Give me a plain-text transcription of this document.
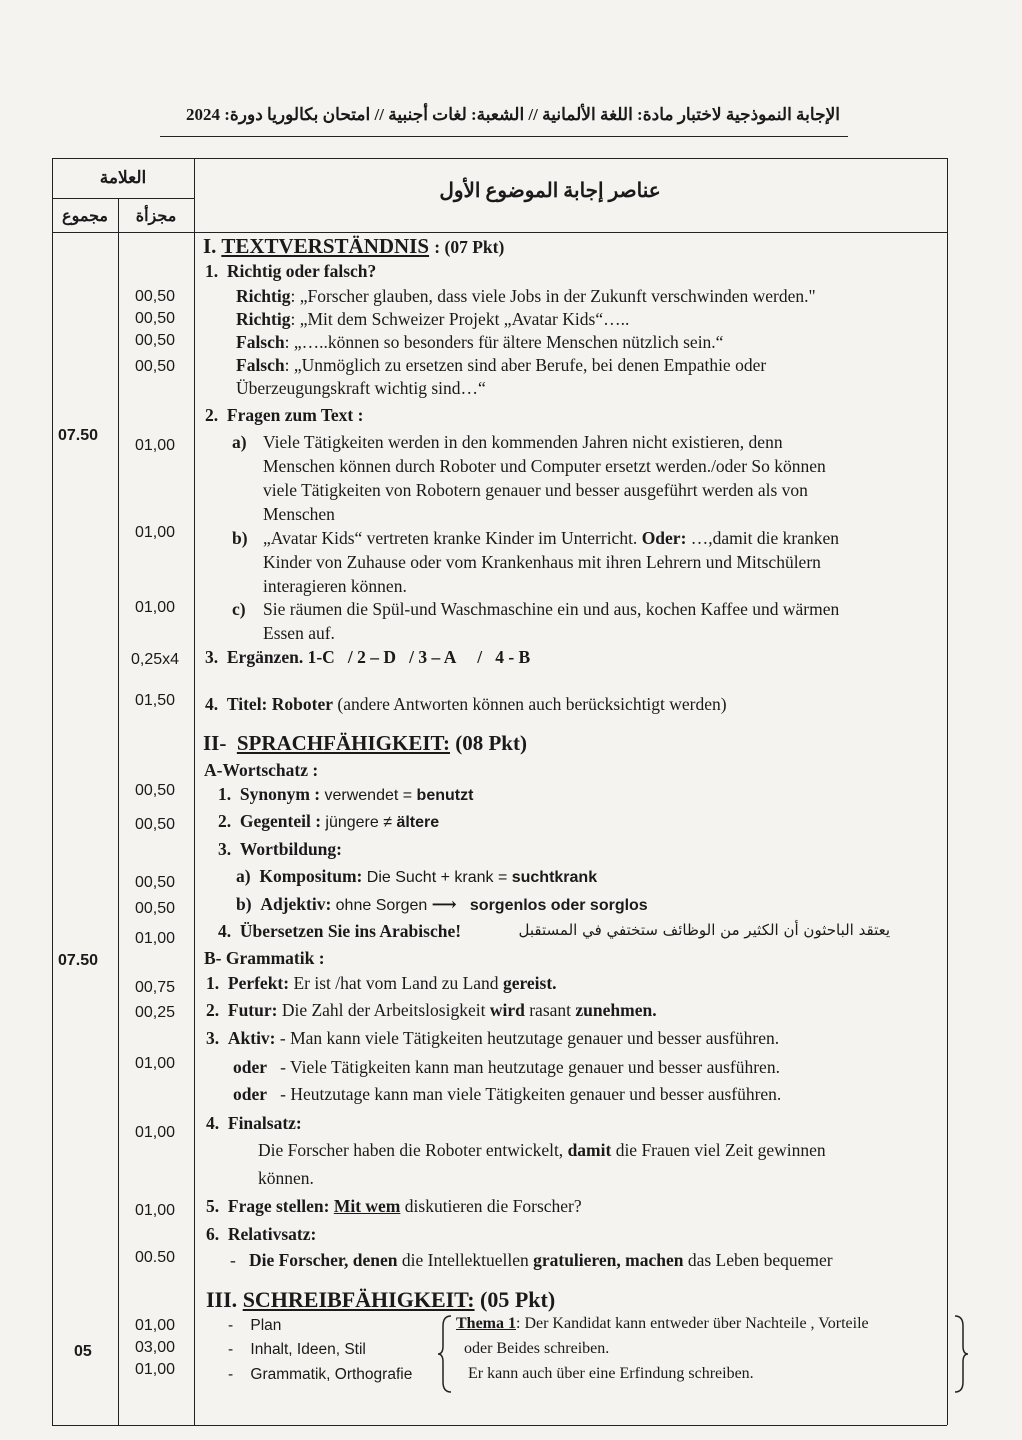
الإجابة النموذجية لاختبار مادة: اللغة الألمانية // الشعبة: لغات أجنبية // امتحان بكالوريا دورة: 2024
العلامة
مجزأة
مجموع
عناصر إجابة الموضوع الأول
07.50
07.50
05
00,50
00,50
00,50
00,50
01,00
01,00
01,00
0,25x4
01,50
00,50
00,50
00,50
00,50
01,00
00,75
00,25
01,00
01,00
01,00
00.50
01,00
03,00
01,00
I. TEXTVERSTÄNDNIS : (07 Pkt)
1. Richtig oder falsch?
Richtig: „Forscher glauben, dass viele Jobs in der Zukunft verschwinden werden."
Richtig: „Mit dem Schweizer Projekt „Avatar Kids“…..
Falsch: „…..können so besonders für ältere Menschen nützlich sein.“
Falsch: „Unmöglich zu ersetzen sind aber Berufe, bei denen Empathie oder
Überzeugungskraft wichtig sind…“
2. Fragen zum Text :
a) Viele Tätigkeiten werden in den kommenden Jahren nicht existieren, denn
Menschen können durch Roboter und Computer ersetzt werden./oder So können
viele Tätigkeiten von Robotern genauer und besser ausgeführt werden als von
Menschen
b) „Avatar Kids“ vertreten kranke Kinder im Unterricht. Oder: …,damit die kranken
Kinder von Zuhause oder vom Krankenhaus mit ihren Lehrern und Mitschülern
interagieren können.
c) Sie räumen die Spül-und Waschmaschine ein und aus, kochen Kaffee und wärmen
Essen auf.
3. Ergänzen. 1-C   / 2 – D   / 3 – A     /   4 - B
4. Titel: Roboter (andere Antworten können auch berücksichtigt werden)
II- SPRACHFÄHIGKEIT: (08 Pkt)
A-Wortschatz :
1. Synonym : verwendet = benutzt
2. Gegenteil : jüngere ≠ ältere
3. Wortbildung:
a) Kompositum: Die Sucht + krank = suchtkrank
b) Adjektiv: ohne Sorgen ⟶ sorgenlos oder sorglos
4. Übersetzen Sie ins Arabische!	يعتقد الباحثون أن الكثير من الوظائف ستختفي في المستقبل
B- Grammatik :
1. Perfekt: Er ist /hat vom Land zu Land gereist.
2. Futur: Die Zahl der Arbeitslosigkeit wird rasant zunehmen.
3. Aktiv: - Man kann viele Tätigkeiten heutzutage genauer und besser ausführen.
oder - Viele Tätigkeiten kann man heutzutage genauer und besser ausführen.
oder - Heutzutage kann man viele Tätigkeiten genauer und besser ausführen.
4. Finalsatz:
Die Forscher haben die Roboter entwickelt, damit die Frauen viel Zeit gewinnen
können.
5. Frage stellen: Mit wem diskutieren die Forscher?
6. Relativsatz:
- Die Forscher, denen die Intellektuellen gratulieren, machen das Leben bequemer
III. SCHREIBFÄHIGKEIT: (05 Pkt)
-    Plan
-    Inhalt, Ideen, Stil
-    Grammatik, Orthografie
Thema 1: Der Kandidat kann entweder über Nachteile , Vorteile
oder Beides schreiben.
Er kann auch über eine Erfindung schreiben.
